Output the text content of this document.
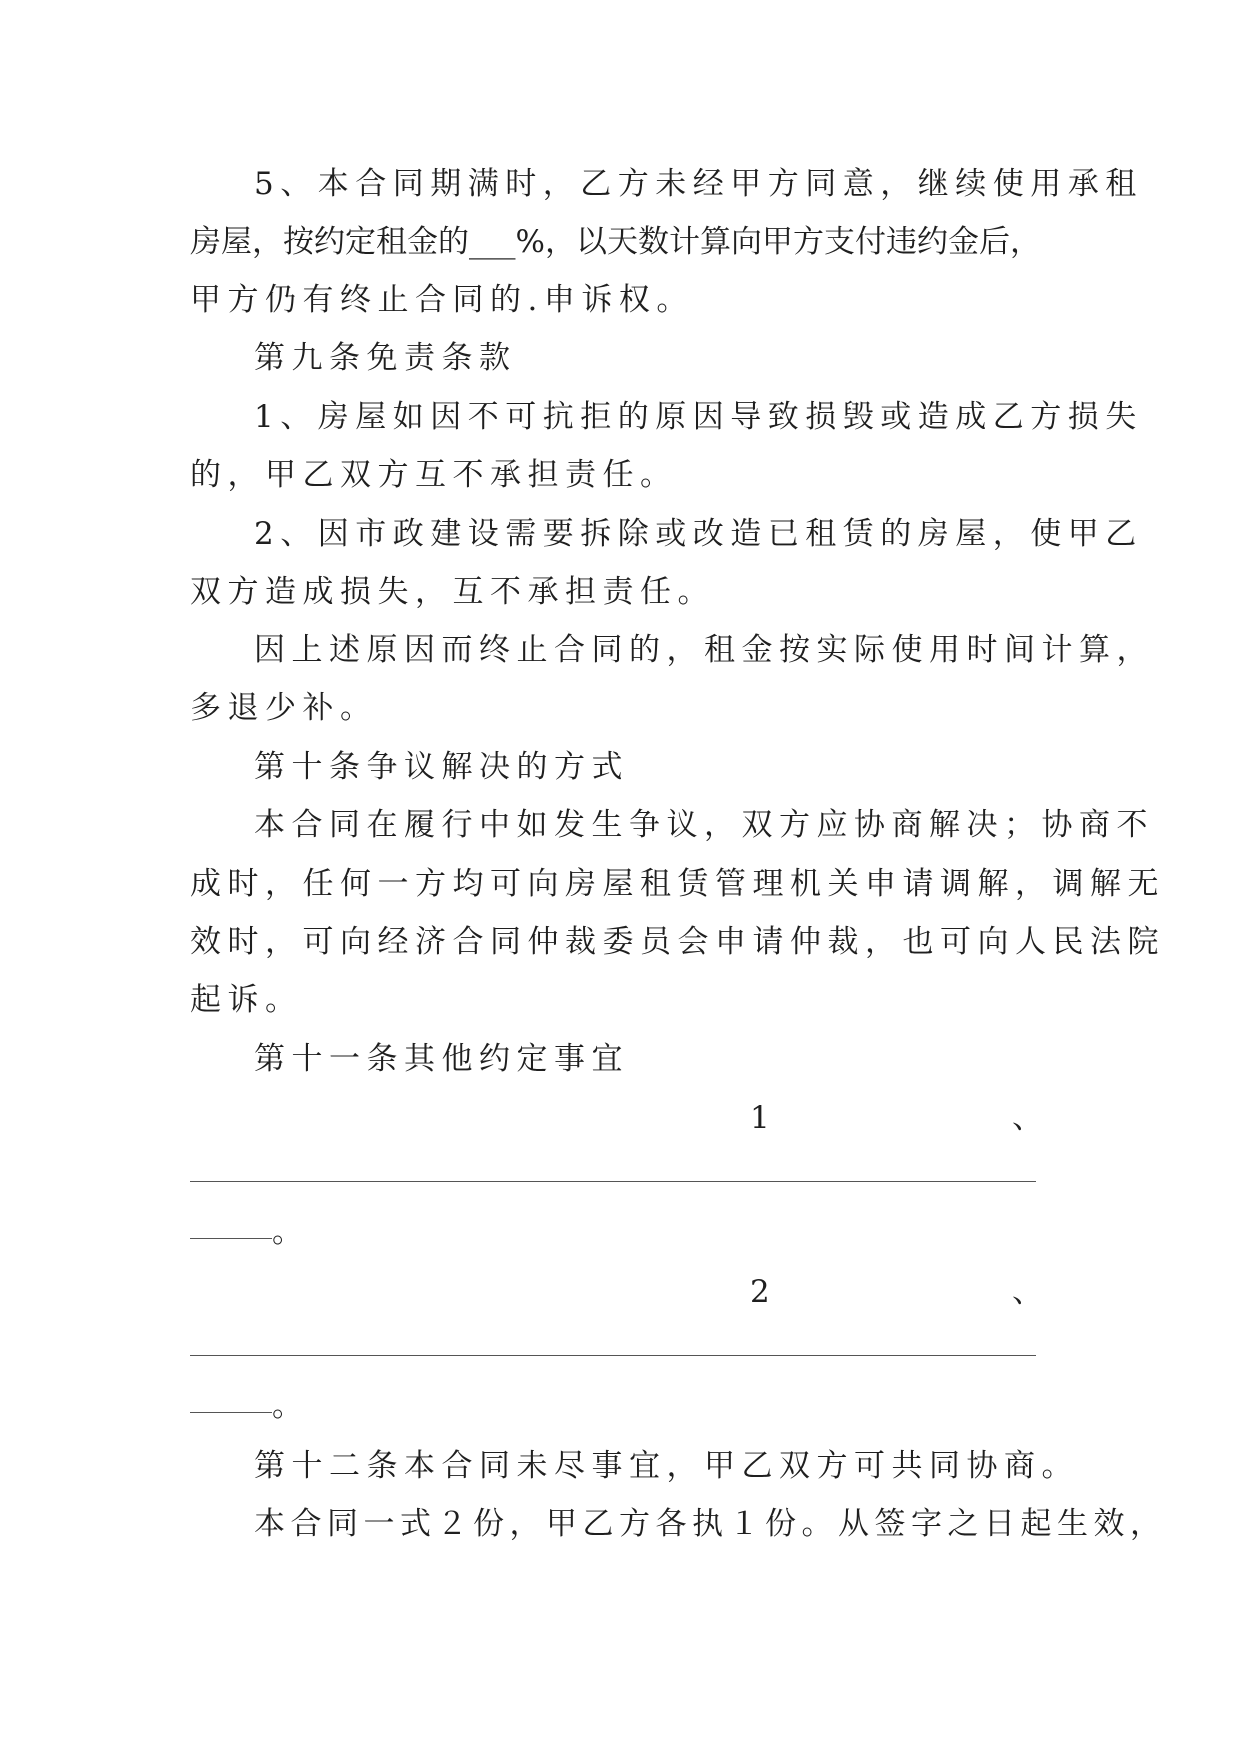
5、本合同期满时，乙方未经甲方同意，继续使用承租
房屋，按约定租金的___%，以天数计算向甲方支付违约金后，
甲方仍有终止合同的.申诉权。
第九条免责条款
1、房屋如因不可抗拒的原因导致损毁或造成乙方损失
的，甲乙双方互不承担责任。
2、因市政建设需要拆除或改造已租赁的房屋，使甲乙
双方造成损失，互不承担责任。
因上述原因而终止合同的，租金按实际使用时间计算，
多退少补。
第十条争议解决的方式
本合同在履行中如发生争议，双方应协商解决；协商不
成时，任何一方均可向房屋租赁管理机关申请调解，调解无
效时，可向经济合同仲裁委员会申请仲裁，也可向人民法院
起诉。
第十一条其他约定事宜
1	、
。
2	、
。
第十二条本合同未尽事宜，甲乙双方可共同协商。
本合同一式２份，甲乙方各执１份。从签字之日起生效，
